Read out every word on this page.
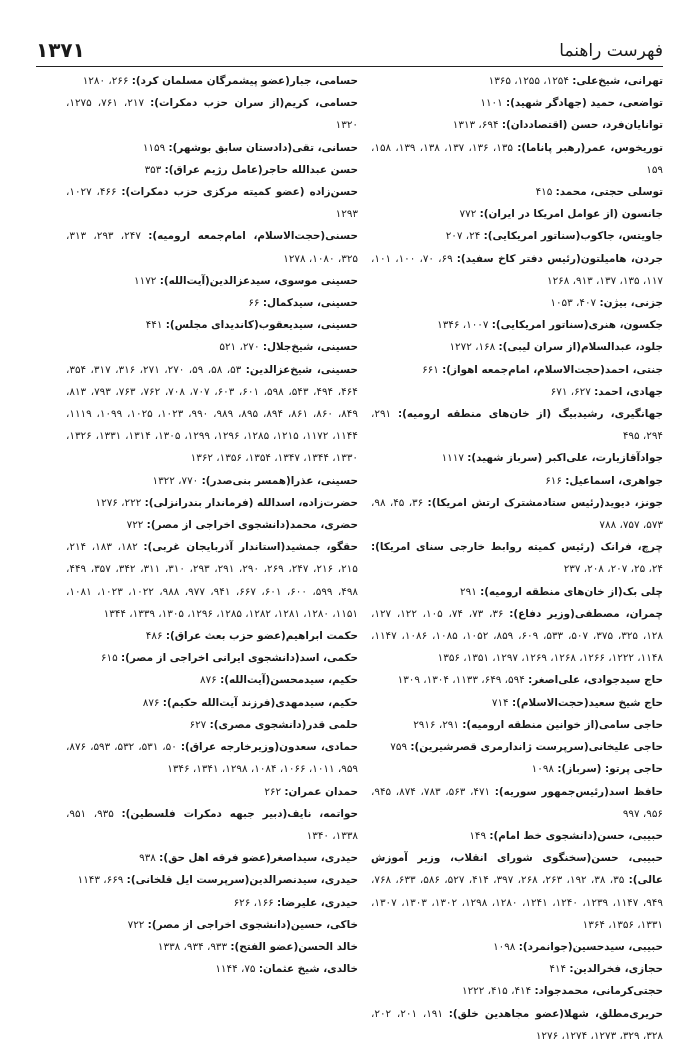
فهرست راهنما
۱۳۷۱

تهرانی، شیخ‌علی: ۱۲۵۴، ۱۲۵۵، ۱۳۶۵

تواضعی، حمید (جهادگر شهید): ۱۱۰۱

توانایان‌فرد، حسن (اقتصاددان): ۶۹۴، ۱۳۱۳

توریخوس، عمر(رهبر پاناما): ۱۳۵، ۱۳۶، ۱۳۷، ۱۳۸، ۱۳۹، ۱۵۸، ۱۵۹

توسلی حجتی، محمد: ۴۱۵

جانسون (از عوامل امریکا در ایران): ۷۷۲

جاویتس، جاکوب(سناتور امریکایی): ۲۴، ۲۰۷

جردن، هامیلتون(رئیس دفتر کاخ سفید): ۶۹، ۷۰، ۱۰۰، ۱۰۱، ۱۱۷، ۱۳۵، ۱۳۷، ۹۱۳، ۱۲۶۸

جزنی، بیژن: ۴۰۷، ۱۰۵۳

جکسون، هنری(سناتور امریکایی): ۱۰۰۷، ۱۳۴۶

جلود، عبدالسلام(از سران لیبی): ۱۶۸، ۱۲۷۲

جنتی، احمد(حجت‌الاسلام، امام‌جمعه اهواز): ۶۶۱

جهادی، احمد: ۶۲۷، ۶۷۱

جهانگیری، رشیدبیگ (از خان‌های منطقه ارومیه): ۲۹۱، ۲۹۴، ۴۹۵

جوادآقازیارت، علی‌اکبر (سرباز شهید): ۱۱۱۷

جواهری، اسماعیل: ۶۱۶

جونز، دیوید(رئیس ستادمشترک ارتش امریکا): ۳۶، ۴۵، ۹۸، ۵۷۳، ۷۵۷، ۷۸۸

چرچ، فرانک (رئیس کمیته روابط خارجی سنای امریکا): ۲۴، ۲۵، ۲۰۷، ۲۰۸، ۲۳۷

چلی بک(از خان‌های منطقه ارومیه): ۲۹۱

چمران، مصطفی(وزیر دفاع): ۳۶، ۷۳، ۷۴، ۱۰۵، ۱۲۲، ۱۲۷، ۱۲۸، ۳۲۵، ۳۷۵، ۵۰۷، ۵۳۳، ۶۰۹، ۸۵۹، ۱۰۵۲، ۱۰۸۵، ۱۰۸۶، ۱۱۴۷، ۱۱۴۸، ۱۲۲۲، ۱۲۶۶، ۱۲۶۸، ۱۲۶۹، ۱۲۹۷، ۱۳۵۱، ۱۳۵۶

حاج سیدجوادی، علی‌اصغر: ۵۹۴، ۶۴۹، ۱۱۳۳، ۱۳۰۴، ۱۳۰۹

حاج شیخ سعید(حجت‌الاسلام): ۷۱۴

حاجی سامی(از خوانین منطقه ارومیه): ۲۹۱، ۲۹۱۶

حاجی علیخانی(سرپرست ژاندارمری قصرشیرین): ۷۵۹

حاجی پرتو: (سرباز): ۱۰۹۸

حافظ اسد(رئیس‌جمهور سوریه): ۴۷۱، ۵۶۳، ۷۸۳، ۸۷۴، ۹۴۵، ۹۵۶، ۹۹۷

حبیبی، حسن(دانشجوی خط امام): ۱۴۹

حبیبی، حسن(سخنگوی شورای انقلاب، وزیر آموزش عالی): ۳۵، ۳۸، ۱۹۲، ۲۶۳، ۲۶۸، ۳۹۷، ۴۱۴، ۵۲۷، ۵۸۶، ۶۳۳، ۷۶۸، ۹۴۹، ۱۱۴۷، ۱۲۳۹، ۱۲۴۰، ۱۲۴۱، ۱۲۸۰، ۱۲۹۸، ۱۳۰۲، ۱۳۰۳، ۱۳۰۷، ۱۳۳۱، ۱۳۵۶، ۱۳۶۴

حبیبی، سیدحسین(جوانمرد): ۱۰۹۸

حجازی، فخرالدین: ۴۱۴

حجتی‌کرمانی، محمدجواد: ۴۱۴، ۴۱۵، ۱۲۲۲

حریری‌مطلق، شهلا(عضو مجاهدین خلق): ۱۹۱، ۲۰۱، ۲۰۲، ۳۲۸، ۳۲۹، ۱۲۷۳، ۱۲۷۴، ۱۲۷۶

حسامی، جبار(عضو پیشمرگان مسلمان کرد): ۲۶۶، ۱۲۸۰

حسامی، کریم(از سران حزب دمکرات): ۲۱۷، ۷۶۱، ۱۲۷۵، ۱۳۲۰

حسانی، تقی(دادستان سابق بوشهر): ۱۱۵۹

حسن عبدالله حاجر(عامل رژیم عراق): ۳۵۳

حسن‌زاده (عضو کمیته مرکزی حزب دمکرات): ۴۶۶، ۱۰۲۷، ۱۲۹۳

حسنی(حجت‌الاسلام، امام‌جمعه ارومیه): ۲۴۷، ۲۹۳، ۳۱۳، ۳۲۵، ۱۰۸۰، ۱۲۷۸

حسینی موسوی، سیدعزالدین(آیت‌الله): ۱۱۷۲

حسینی، سیدکمال: ۶۶

حسینی، سیدیعقوب(کاندیدای مجلس): ۴۴۱

حسینی، شیخ‌جلال: ۲۷۰، ۵۲۱

حسینی، شیخ‌عزالدین: ۵۳، ۵۸، ۵۹، ۲۷۰، ۲۷۱، ۳۱۶، ۳۱۷، ۳۵۴، ۴۶۴، ۴۹۴، ۵۴۳، ۵۹۸، ۶۰۱، ۶۰۳، ۷۰۷، ۷۰۸، ۷۶۲، ۷۶۳، ۷۹۳، ۸۱۳، ۸۴۹، ۸۶۰، ۸۶۱، ۸۹۴، ۸۹۵، ۹۸۹، ۹۹۰، ۱۰۲۳، ۱۰۲۵، ۱۰۹۹، ۱۱۱۹، ۱۱۴۴، ۱۱۷۲، ۱۲۱۵، ۱۲۸۵، ۱۲۹۶، ۱۲۹۹، ۱۳۰۵، ۱۳۱۴، ۱۳۳۱، ۱۳۲۶، ۱۳۳۰، ۱۳۴۴، ۱۳۴۷، ۱۳۵۴، ۱۳۵۶، ۱۳۶۲

حسینی، عذرا(همسر بنی‌صدر): ۷۷۰، ۱۳۲۲

حضرت‌زاده، اسدالله (فرماندار بندرانزلی): ۲۲۲، ۱۲۷۶

حضری، محمد(دانشجوی اخراجی از مصر): ۷۲۲

حقگو، جمشید(استاندار آذربایجان غربی): ۱۸۲، ۱۸۳، ۲۱۴، ۲۱۵، ۲۱۶، ۲۴۷، ۲۶۹، ۲۹۰، ۲۹۱، ۲۹۳، ۳۱۰، ۳۱۱، ۳۴۲، ۳۵۷، ۴۴۹، ۴۹۸، ۵۹۹، ۶۰۰، ۶۰۱، ۶۶۷، ۹۴۱، ۹۷۷، ۹۸۸، ۱۰۲۲، ۱۰۲۳، ۱۰۸۱، ۱۱۵۱، ۱۲۸۰، ۱۲۸۱، ۱۲۸۲، ۱۲۸۵، ۱۲۹۶، ۱۳۰۵، ۱۳۳۹، ۱۳۴۴

حکمت ابراهیم(عضو حزب بعث عراق): ۴۸۶

حکمی، اسد(دانشجوی ایرانی اخراجی از مصر): ۶۱۵

حکیم، سیدمحسن(آیت‌الله): ۸۷۶

حکیم، سیدمهدی(فرزند آیت‌الله حکیم): ۸۷۶

حلمی قدر(دانشجوی مصری): ۶۲۷

حمادی، سعدون(وزیرخارجه عراق): ۵۰، ۵۳۱، ۵۳۲، ۵۹۳، ۸۷۶، ۹۵۹، ۱۰۱۱، ۱۰۶۶، ۱۰۸۴، ۱۲۹۸، ۱۳۴۱، ۱۳۴۶

حمدان عمران: ۲۶۲

حواتمه، نایف(دبیر جبهه دمکرات فلسطین): ۹۳۵، ۹۵۱، ۱۳۳۸، ۱۳۴۰

حیدری، سیداصغر(عضو فرقه اهل حق): ۹۳۸

حیدری، سیدنصرالدین(سرپرست ایل قلخانی): ۶۶۹، ۱۱۴۳

حیدری، علیرضا: ۱۶۶، ۶۲۶

خاکی، حسین(دانشجوی اخراجی از مصر): ۷۲۲

خالد الحسن(عضو الفتح): ۹۳۳، ۹۳۴، ۱۳۳۸

خالدی، شیخ عثمان: ۷۵، ۱۱۴۴
